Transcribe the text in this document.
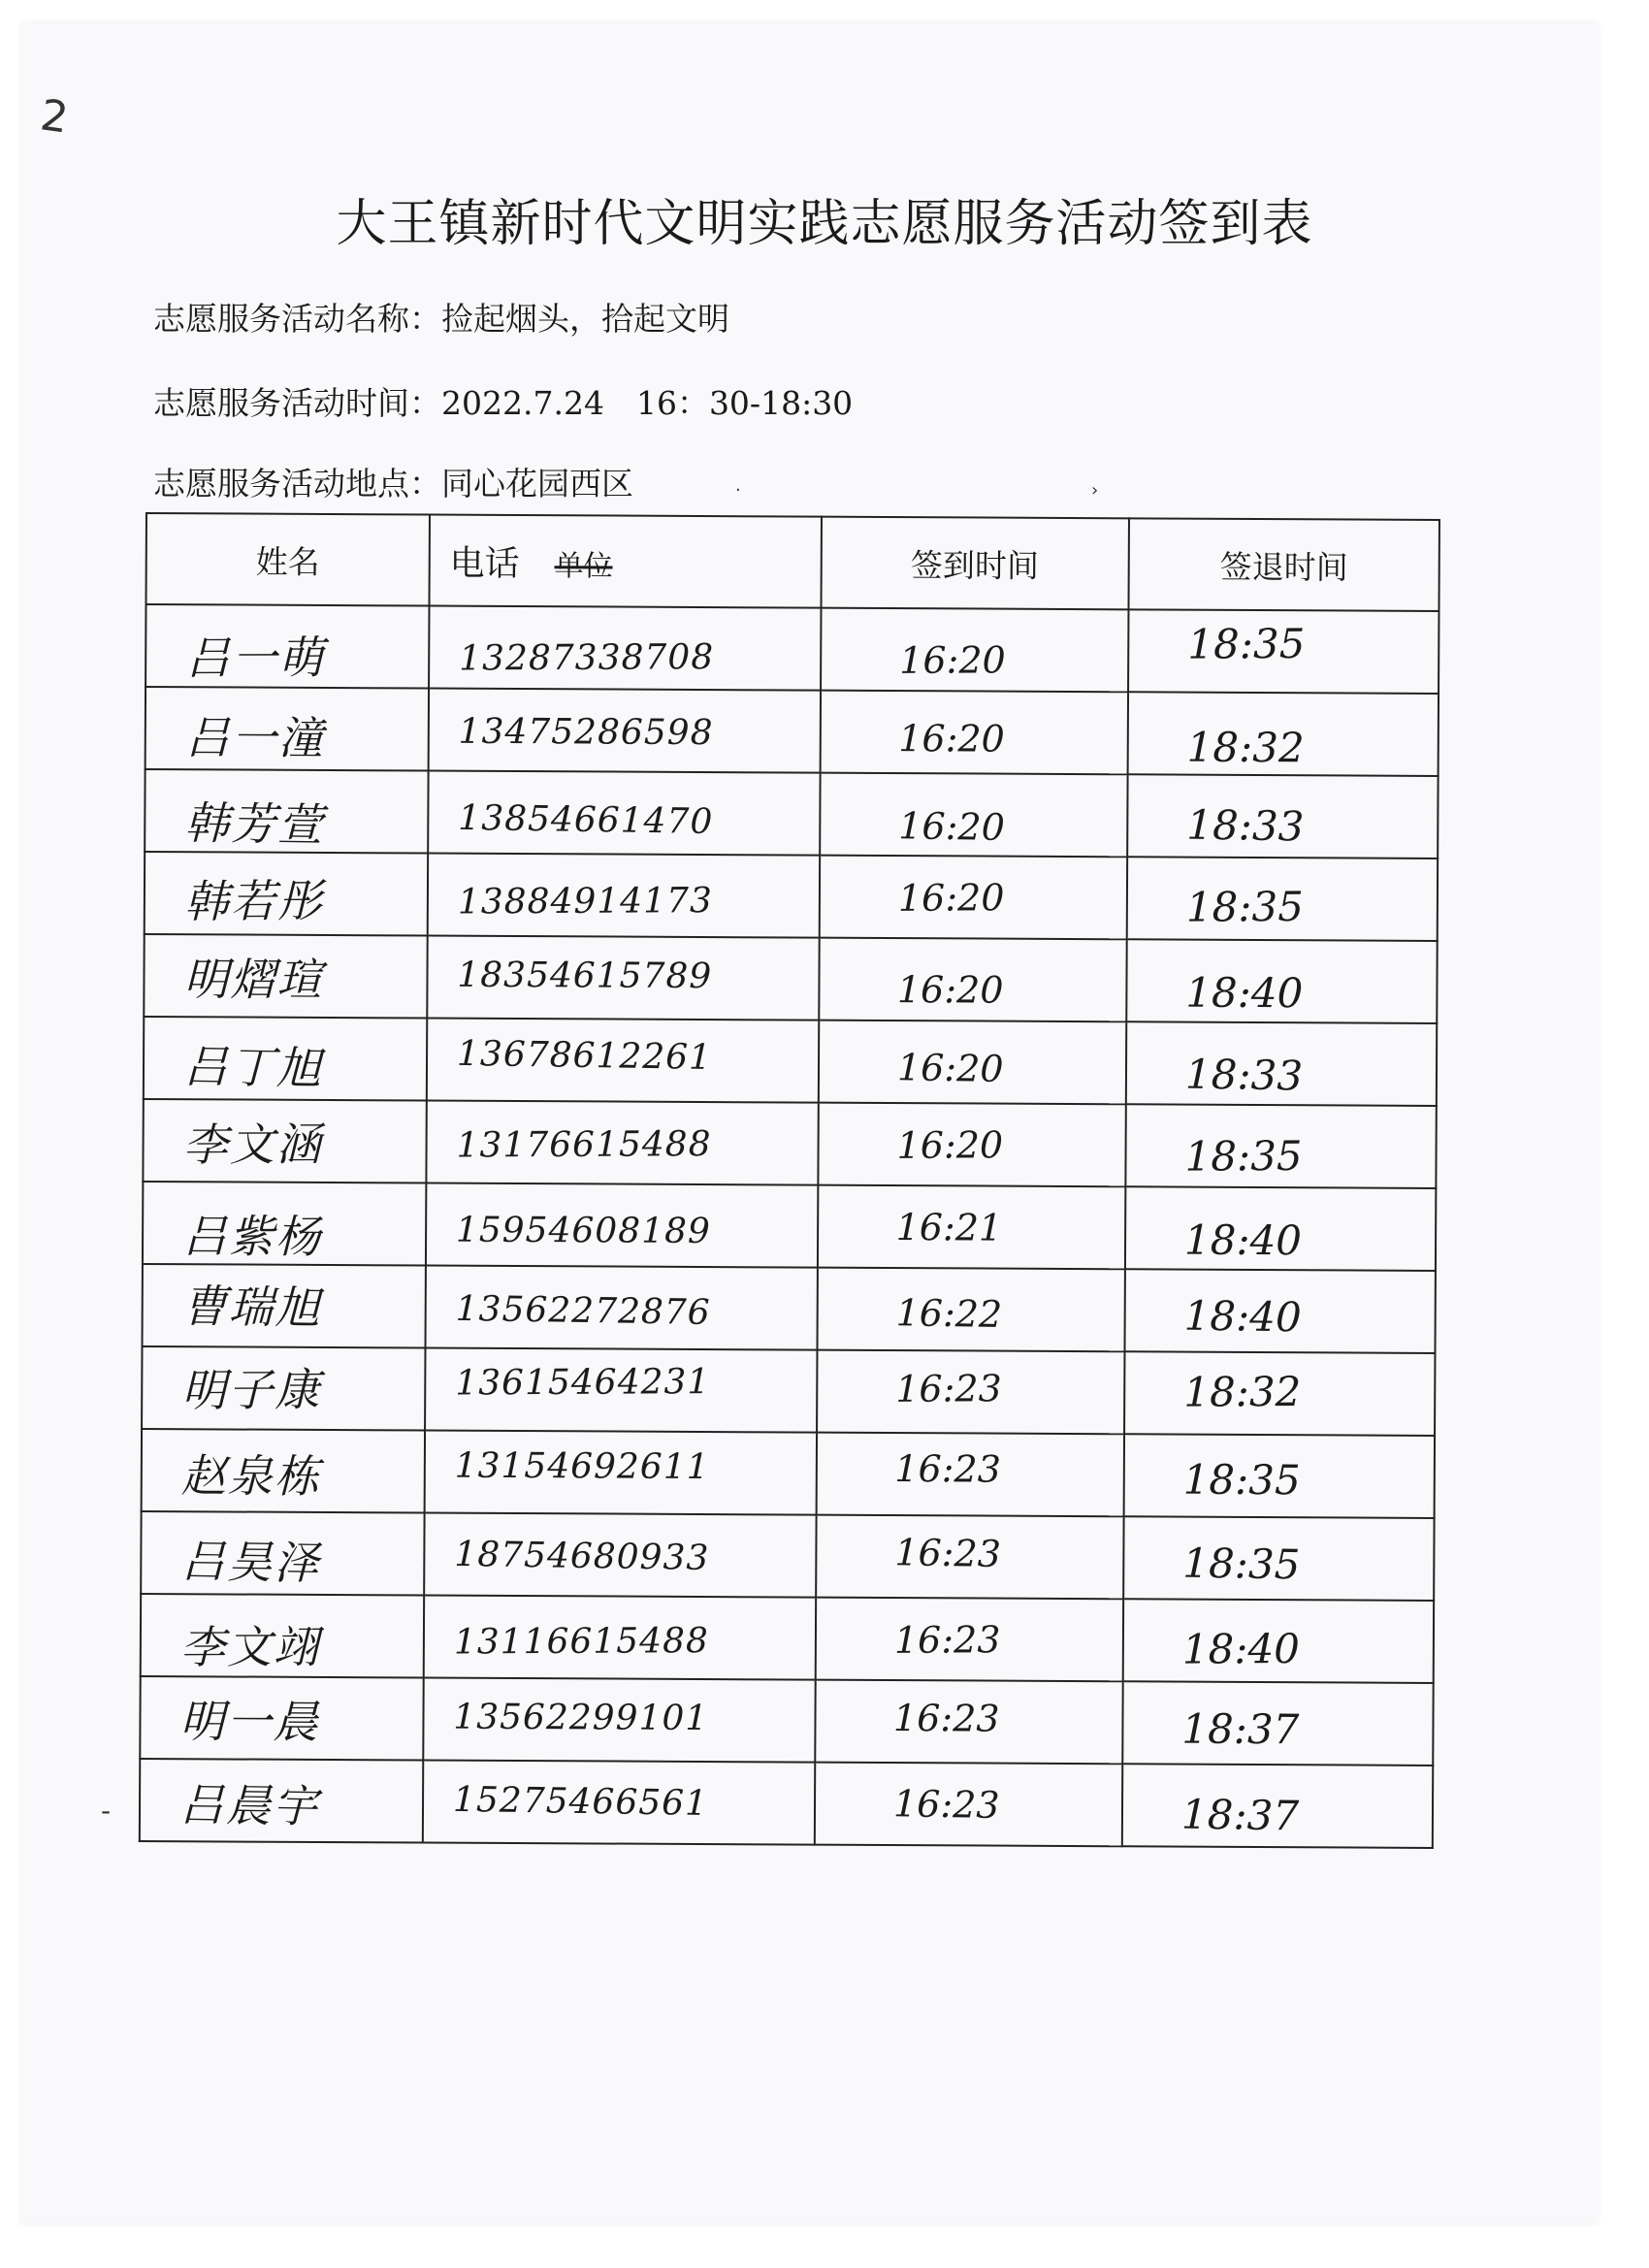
2
大王镇新时代文明实践志愿服务活动签到表
志愿服务活动名称：捡起烟头，拾起文明
志愿服务活动时间：2022.7.24　16：30-18:30
志愿服务活动地点：同心花园西区
姓名	电话 单位	签到时间	签退时间

吕一萌	13287338708	16:20	18:35

吕一潼	13475286598	16:20	18:32

韩芳萱	13854661470	16:20	18:33

韩若彤	13884914173	16:20	18:35

明熠瑄	18354615789	16:20	18:40

吕丁旭	13678612261	16:20	18:33

李文涵	13176615488	16:20	18:35

吕紫杨	15954608189	16:21	18:40

曹瑞旭	13562272876	16:22	18:40

明子康	13615464231	16:23	18:32

赵泉栋	13154692611	16:23	18:35

吕昊泽	18754680933	16:23	18:35

李文翊	13116615488	16:23	18:40

明一晨	13562299101	16:23	18:37

吕晨宇	15275466561	16:23	18:37
·	›
-
